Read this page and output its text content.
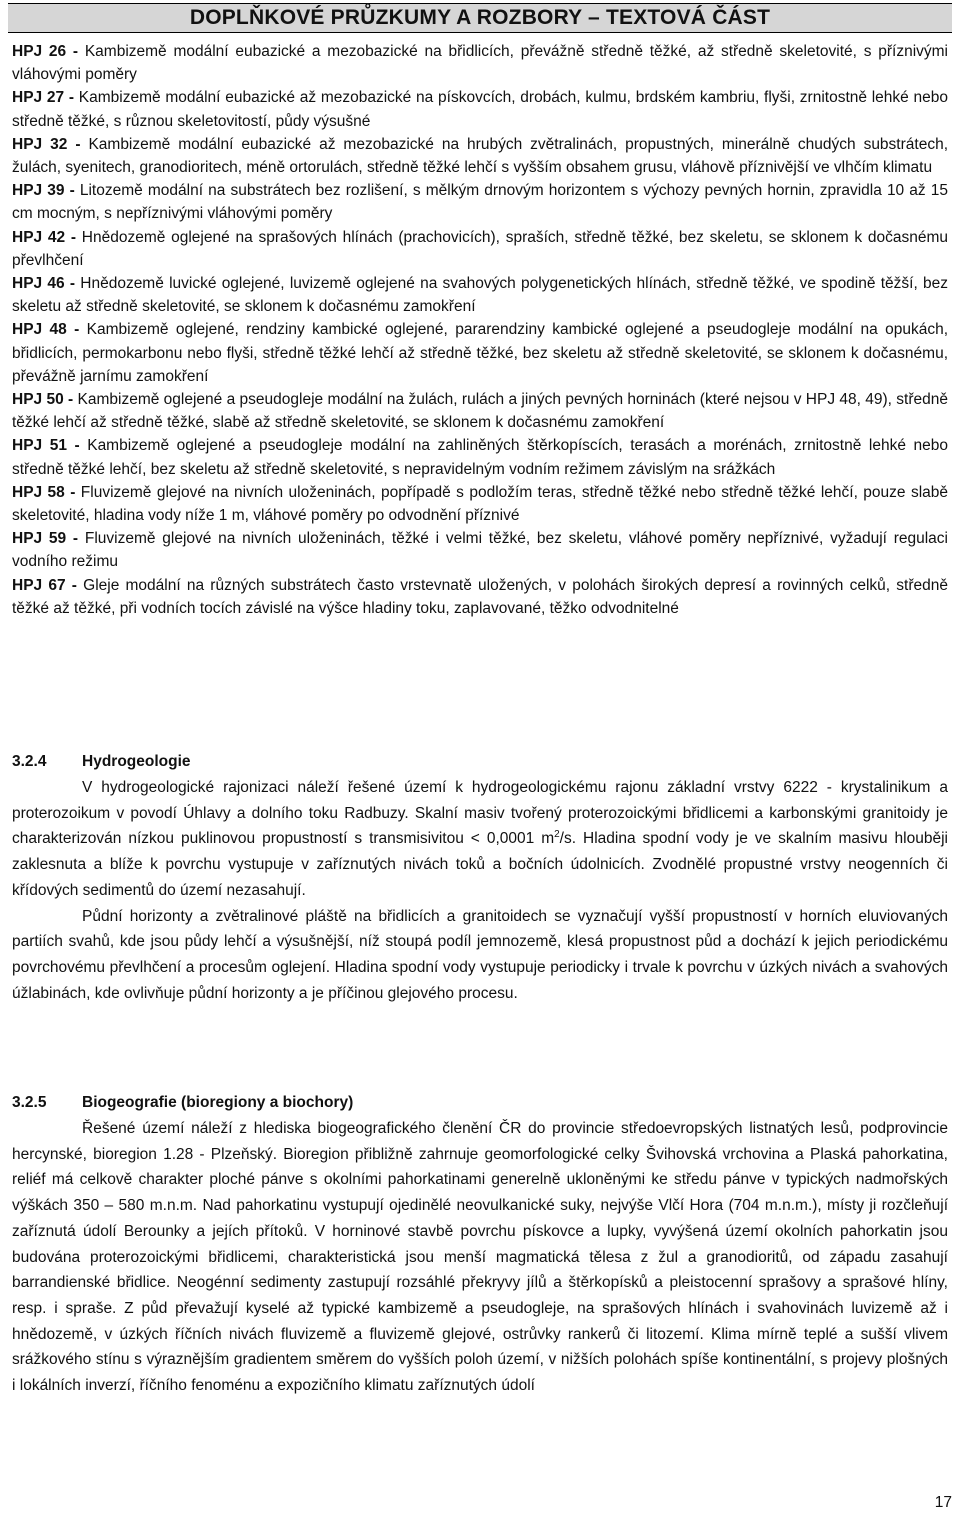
DOPLŇKOVÉ PRŮZKUMY A ROZBORY – TEXTOVÁ ČÁST

HPJ 26 - Kambizemě modální eubazické a mezobazické na břidlicích, převážně středně těžké, až středně skeletovité, s příznivými vláhovými poměry

HPJ 27 - Kambizemě modální eubazické až mezobazické na pískovcích, drobách, kulmu, brdském kambriu, flyši, zrnitostně lehké nebo středně těžké, s různou skeletovitostí, půdy výsušné

HPJ 32 - Kambizemě modální eubazické až mezobazické na hrubých zvětralinách, propustných, minerálně chudých substrátech, žulách, syenitech, granodioritech, méně ortorulách, středně těžké lehčí s vyšším obsahem grusu, vláhově příznivější ve vlhčím klimatu

HPJ 39 - Litozemě modální na substrátech bez rozlišení, s mělkým drnovým horizontem s výchozy pevných hornin, zpravidla 10 až 15 cm mocným, s nepříznivými vláhovými poměry

HPJ 42 - Hnědozemě oglejené na sprašových hlínách (prachovicích), spraších, středně těžké, bez skeletu, se sklonem k dočasnému převlhčení

HPJ 46 - Hnědozemě luvické oglejené, luvizemě oglejené na svahových polygenetických hlínách, středně těžké, ve spodině těžší, bez skeletu až středně skeletovité, se sklonem k dočasnému zamokření

HPJ 48 - Kambizemě oglejené, rendziny kambické oglejené, pararendziny kambické oglejené a pseudogleje modální na opukách, břidlicích, permokarbonu nebo flyši, středně těžké lehčí až středně těžké, bez skeletu až středně skeletovité, se sklonem k dočasnému, převážně jarnímu zamokření

HPJ 50 - Kambizemě oglejené a pseudogleje modální na žulách, rulách a jiných pevných horninách (které nejsou v HPJ 48, 49), středně těžké lehčí až středně těžké, slabě až středně skeletovité, se sklonem k dočasnému zamokření

HPJ 51 - Kambizemě oglejené a pseudogleje modální na zahliněných štěrkopíscích, terasách a morénách, zrnitostně lehké nebo středně těžké lehčí, bez skeletu až středně skeletovité, s nepravidelným vodním režimem závislým na srážkách

HPJ 58 - Fluvizemě glejové na nivních uloženinách, popřípadě s podložím teras, středně těžké nebo středně těžké lehčí, pouze slabě skeletovité, hladina vody níže 1 m, vláhové poměry po odvodnění příznivé

HPJ 59 - Fluvizemě glejové na nivních uloženinách, těžké i velmi těžké, bez skeletu, vláhové poměry nepříznivé, vyžadují regulaci vodního režimu

HPJ 67 - Gleje modální na různých substrátech často vrstevnatě uložených, v polohách širokých depresí a rovinných celků, středně těžké až těžké, při vodních tocích závislé na výšce hladiny toku, zaplavované, těžko odvodnitelné

3.2.4 Hydrogeologie

V hydrogeologické rajonizaci náleží řešené území k hydrogeologickému rajonu základní vrstvy 6222 - krystalinikum a proterozoikum v povodí Úhlavy a dolního toku Radbuzy. Skalní masiv tvořený proterozoickými břidlicemi a karbonskými granitoidy je charakterizován nízkou puklinovou propustností s transmisivitou < 0,0001 $m^2/s$. Hladina spodní vody je ve skalním masivu hlouběji zaklesnuta a blíže k povrchu vystupuje v zaříznutých nivách toků a bočních údolnicích. Zvodnělé propustné vrstvy neogenních či křídových sedimentů do území nezasahují.

Půdní horizonty a zvětralinové pláště na břidlicích a granitoidech se vyznačují vyšší propustností v horních eluviovaných partiích svahů, kde jsou půdy lehčí a výsušnější, níž stoupá podíl jemnozemě, klesá propustnost půd a dochází k jejich periodickému povrchovému převlhčení a procesům oglejení. Hladina spodní vody vystupuje periodicky i trvale k povrchu v úzkých nivách a svahových úžlabinách, kde ovlivňuje půdní horizonty a je příčinou glejového procesu.

3.2.5 Biogeografie (bioregiony a biochory)

Řešené území náleží z hlediska biogeografického členění ČR do provincie středoevropských listnatých lesů, podprovincie hercynské, bioregion 1.28 - Plzeňský. Bioregion přibližně zahrnuje geomorfologické celky Švihovská vrchovina a Plaská pahorkatina, reliéf má celkově charakter ploché pánve s okolními pahorkatinami generelně ukloněnými ke středu pánve v typických nadmořských výškách 350 – 580 m.n.m. Nad pahorkatinu vystupují ojedinělé neovulkanické suky, nejvýše Vlčí Hora (704 m.n.m.), místy ji rozčleňují zaříznutá údolí Berounky a jejích přítoků. V horninové stavbě povrchu pískovce a lupky, vyvýšená území okolních pahorkatin jsou budována proterozoickými břidlicemi, charakteristická jsou menší magmatická tělesa z žul a granodioritů, od západu zasahují barrandienské břidlice. Neogénní sedimenty zastupují rozsáhlé překryvy jílů a štěrkopísků a pleistocenní sprašovy a sprašové hlíny, resp. i spraše. Z půd převažují kyselé až typické kambizemě a pseudogleje, na sprašových hlínách i svahovinách luvizemě až i hnědozemě, v úzkých říčních nivách fluvizemě a fluvizemě glejové, ostrůvky rankerů či litozemí. Klima mírně teplé a sušší vlivem srážkového stínu s výraznějším gradientem směrem do vyšších poloh území, v nižších polohách spíše kontinentální, s projevy plošných i lokálních inverzí, říčního fenoménu a expozičního klimatu zaříznutých údolí

17
